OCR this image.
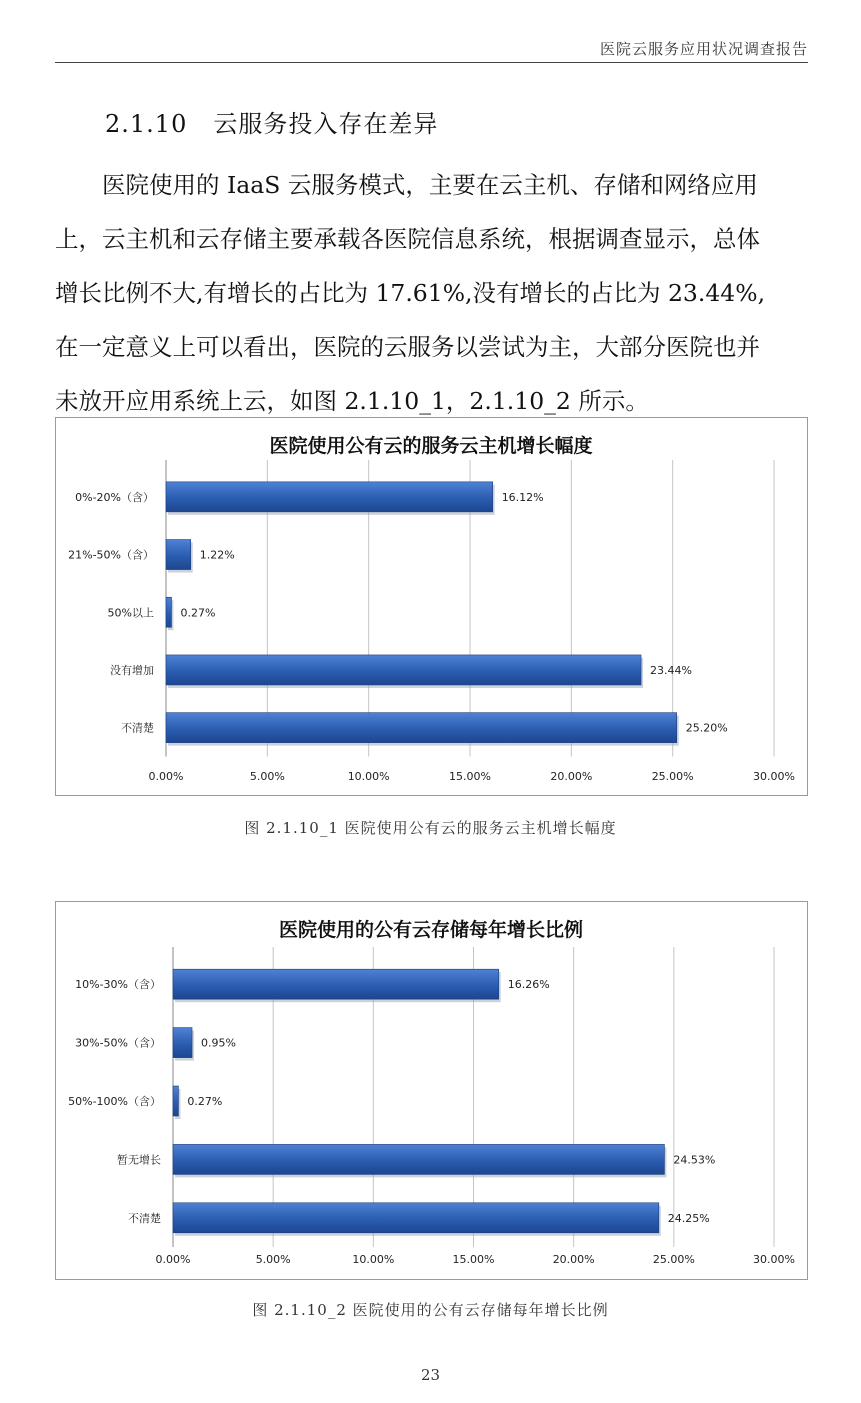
医院云服务应用状况调查报告
2.1.10 云服务投入存在差异
医院使用的 IaaS 云服务模式，主要在云主机、存储和网络应用
上，云主机和云存储主要承载各医院信息系统，根据调查显示，总体
增长比例不大,有增长的占比为 17.61%,没有增长的占比为 23.44%,
在一定意义上可以看出，医院的云服务以尝试为主，大部分医院也并
未放开应用系统上云，如图 2.1.10_1，2.1.10_2 所示。
医院使用公有云的服务云主机增长幅度
0.00%	5.00%	10.00%	15.00%	20.00%	25.00%	30.00%
0%-20%（含）	16.12%
21%-50%（含）	1.22%
50%以上 0.27%
没有增加	23.44%
不清楚	25.20%
图 2.1.10_1 医院使用公有云的服务云主机增长幅度
医院使用的公有云存储每年增长比例
0.00%	5.00%	10.00%	15.00%	20.00%	25.00%	30.00%
10%-30%（含）	16.26%
30%-50%（含）	0.95%
50%-100%（含） 0.27%
暂无增长	24.53%
不清楚	24.25%
图 2.1.10_2 医院使用的公有云存储每年增长比例
23
